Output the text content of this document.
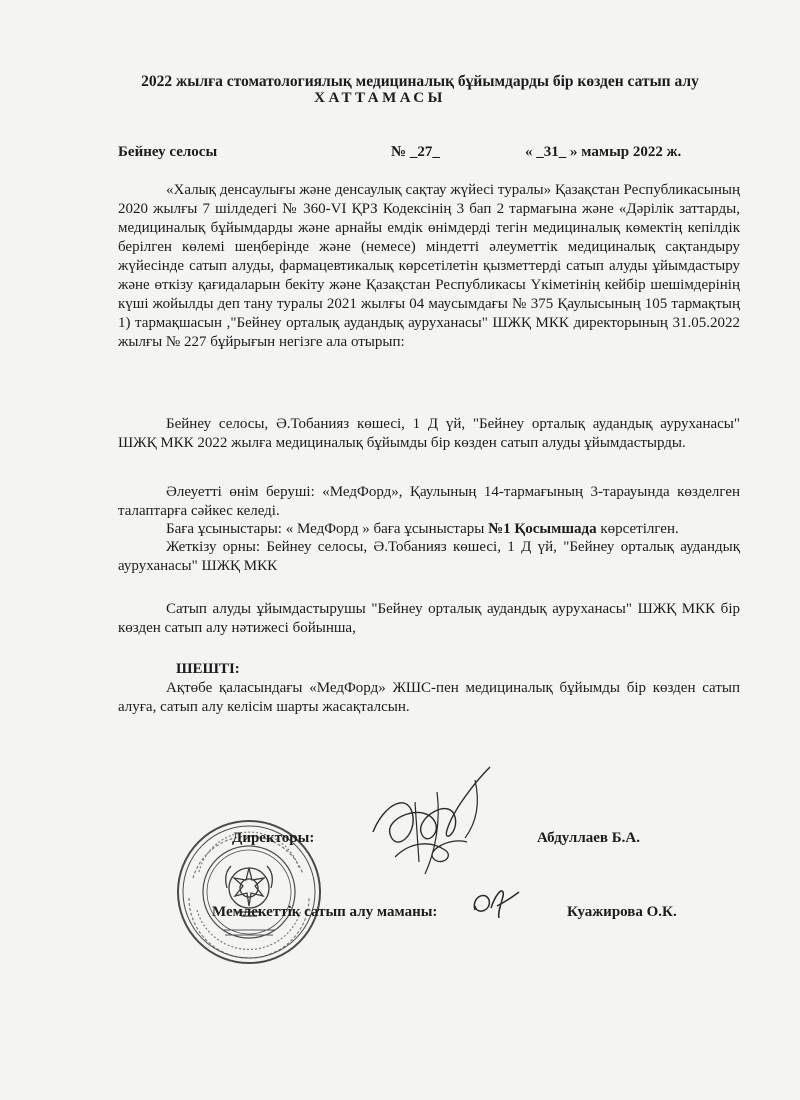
2022 жылға стоматологиялық медициналық бұйымдарды бір көзден сатып алу
ХАТТАМАСЫ
Бейнеу селосы	№ _27_	« _31_ » мамыр 2022 ж.
«Халық денсаулығы және денсаулық сақтау жүйесі туралы» Қазақстан Республикасының 2020 жылғы 7 шілдедегі № 360-VI ҚРЗ Кодексінің 3 бап 2 тармағына және «Дәрілік заттарды, медициналық бұйымдарды және арнайы емдік өнімдерді тегін медициналық көмектің кепілдік берілген көлемі шеңберінде және (немесе) міндетті әлеуметтік медициналық сақтандыру жүйесінде сатып алуды, фармацевтикалық көрсетілетін қызметтерді сатып алуды ұйымдастыру және өткізу қағидаларын бекіту және Қазақстан Республикасы Үкіметінің кейбір шешімдерінің күші жойылды деп тану туралы 2021 жылғы 04 маусымдағы № 375 Қаулысының 105 тармақтың 1) тармақшасын ,"Бейнеу орталық аудандық ауруханасы" ШЖҚ МКК директорының 31.05.2022 жылғы № 227 бұйрығын негізге ала отырып:
Бейнеу селосы, Ә.Тобанияз көшесі, 1 Д үй, "Бейнеу орталық аудандық ауруханасы" ШЖҚ МКК 2022 жылға медициналық бұйымды бір көзден сатып алуды ұйымдастырды.
Әлеуетті өнім беруші: «МедФорд», Қаулының 14-тармағының 3-тарауында көзделген талаптарға сәйкес келеді.
Баға ұсыныстары: « МедФорд » баға ұсыныстары №1 Қосымшада көрсетілген.
Жеткізу орны: Бейнеу селосы, Ә.Тобанияз көшесі, 1 Д үй, "Бейнеу орталық аудандық ауруханасы" ШЖҚ МКК
Сатып алуды ұйымдастырушы "Бейнеу орталық аудандық ауруханасы" ШЖҚ МКК бір көзден сатып алу нәтижесі бойынша,
ШЕШТІ:
Ақтөбе қаласындағы «МедФорд» ЖШС-пен медициналық бұйымды бір көзден сатып алуға, сатып алу келісім шарты жасақталсын.
Директоры:	Абдуллаев Б.А.
Мемлекеттік сатып алу маманы:	Куажирова О.К.
